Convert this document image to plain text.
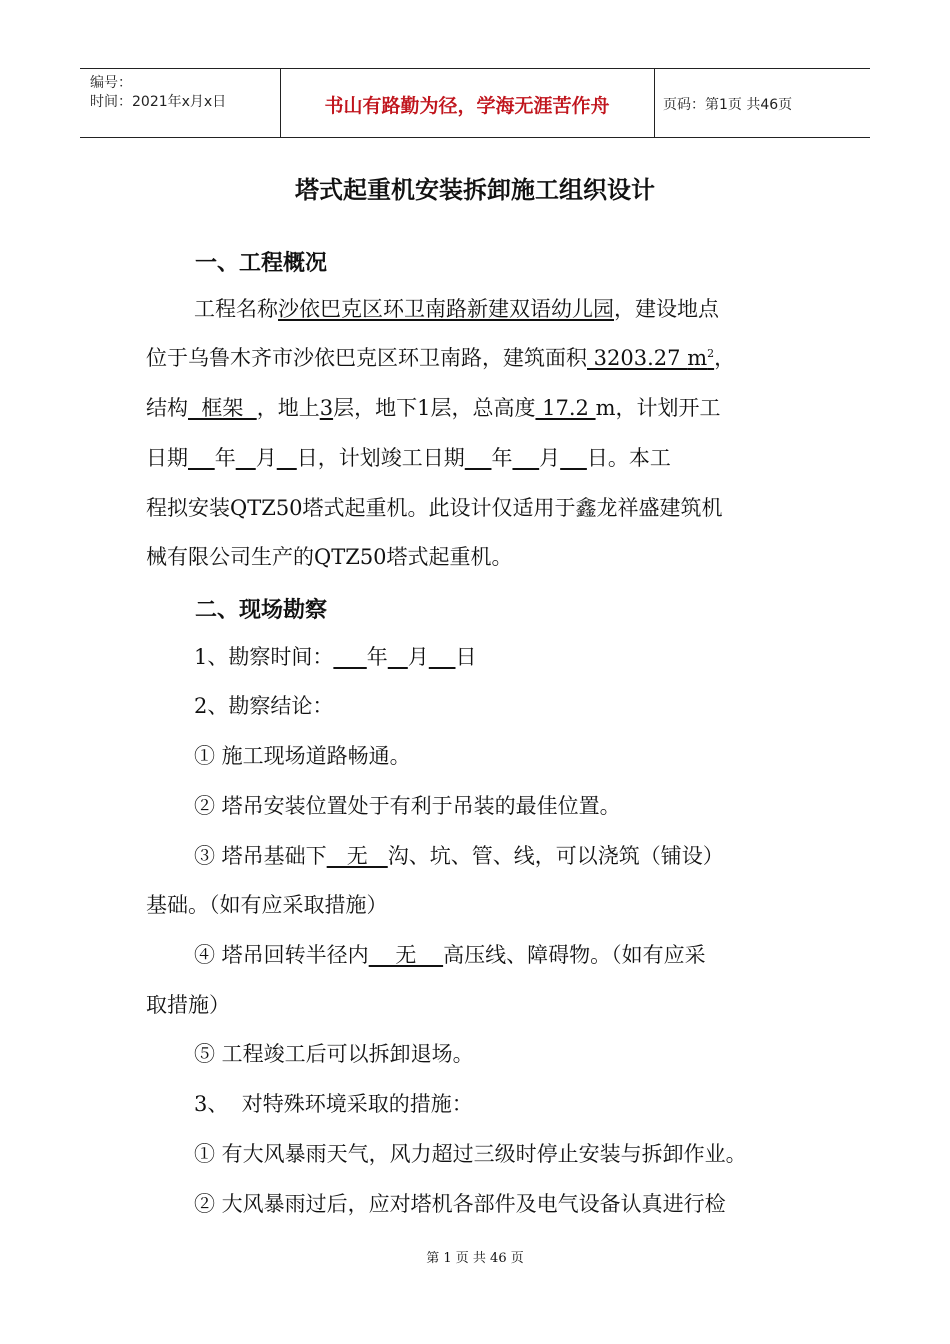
编号：
时间：2021年x月x日	书山有路勤为径，学海无涯苦作舟	页码：第1页 共46页
塔式起重机安装拆卸施工组织设计
一、工程概况
工程名称沙依巴克区环卫南路新建双语幼儿园，建设地点
位于乌鲁木齐市沙依巴克区环卫南路，建筑面积 3203.27 $m^2$，
结构  框架  ，地上3层，地下1层，总高度 17.2 m，计划开工
日期 年 月 日，计划竣工日期 年 月 日。本工
程拟安装QTZ50塔式起重机。此设计仅适用于鑫龙祥盛建筑机
械有限公司生产的QTZ50塔式起重机。
二、现场勘察
1、勘察时间： 年 月 日
2、勘察结论：
① 施工现场道路畅通。
② 塔吊安装位置处于有利于吊装的最佳位置。
③ 塔吊基础下   无   沟、坑、管、线，可以浇筑（铺设）
基础。（如有应采取措施）
④ 塔吊回转半径内    无    高压线、障碍物。（如有应采
取措施）
⑤ 工程竣工后可以拆卸退场。
3、  对特殊环境采取的措施：
① 有大风暴雨天气，风力超过三级时停止安装与拆卸作业。
② 大风暴雨过后，应对塔机各部件及电气设备认真进行检
第 1 页 共 46 页
